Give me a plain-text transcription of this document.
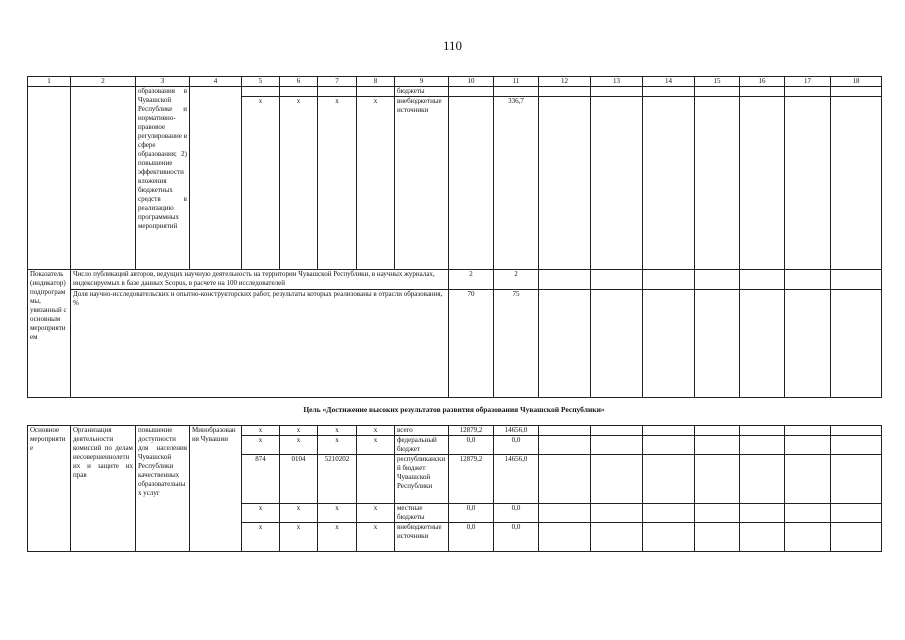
110
1	2	3	4	5	6	7	8	9	10	11	12	13	14	15	16	17	18
		образования в Чувашской Республике и нормативно-правовое регулирование в сфере образования; 2) повышение эффективности вложения бюджетных средств в реализацию программных мероприятий						бюджеты									
				x	x	x	x	внебюджетные источники		336,7							
Показатель (индикатор) подпрограммы, увязанный с основным мероприятием	Число публикаций авторов, ведущих научную деятельность на территории Чувашской Республики, в научных журналах, индексируемых в базе данных Scopus, в расчете на 100 исследователей								2	2							
	Доля научно-исследовательских и опытно-конструкторских работ, результаты которых реализованы в отрасли образования, %								70	75							
Цель «Достижение высоких результатов развития образования Чувашской Республики»
Основное мероприятие	Организация деятельности комиссий по делам несовершеннолетних и защите их прав	повышение доступности для населения Чувашской Республики качественных образовательных услуг	Минобразования Чувашии	x	x	x	x	всего	12879,2	14656,0							
				x	x	x	x	федеральный бюджет	0,0	0,0							
				874	0104	5210202		республиканский бюджет Чувашской Республики	12879,2	14656,0							
				x	x	x	x	местные бюджеты	0,0	0,0							
				x	x	x	x	внебюджетные источники	0,0	0,0							
